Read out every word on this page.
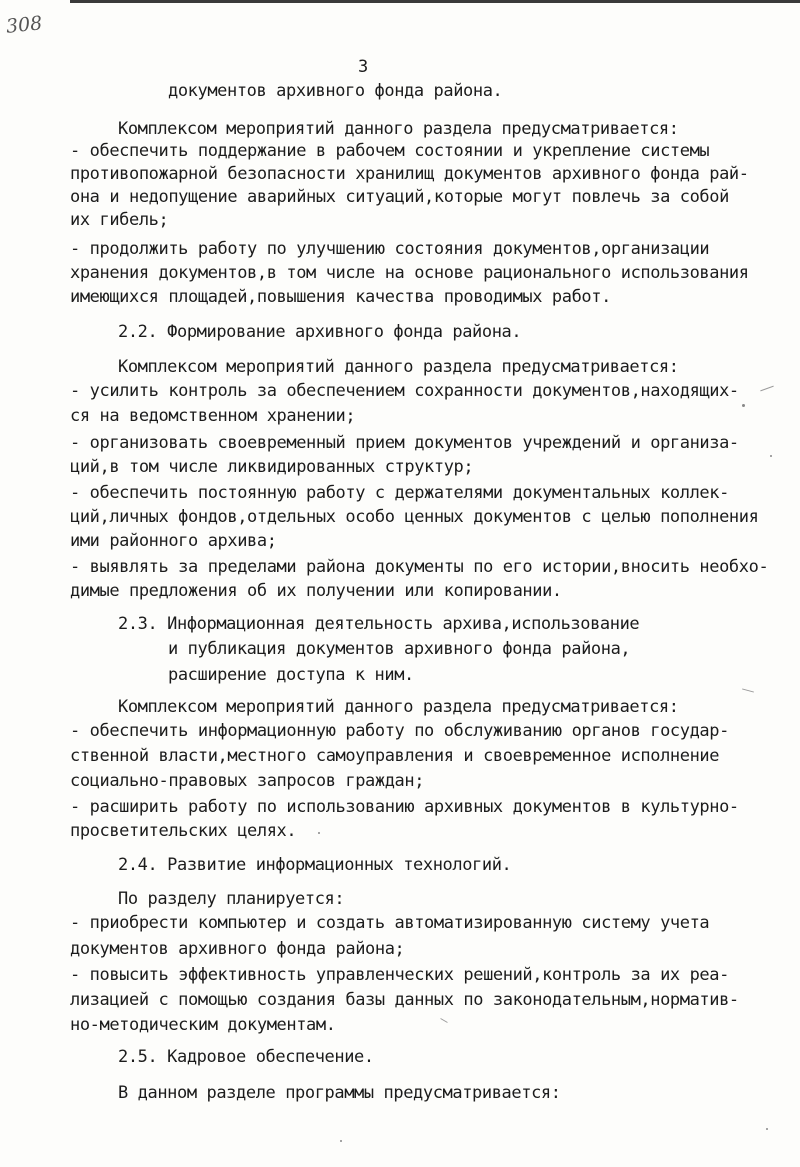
308
3
документов архивного фонда района.
Комплексом мероприятий данного раздела предусматривается:
- обеспечить поддержание в рабочем состоянии и укрепление системы
противопожарной безопасности хранилищ документов архивного фонда рай-
она и недопущение аварийных ситуаций,которые могут повлечь за собой
их гибель;
- продолжить работу по улучшению состояния документов,организации
хранения документов,в том числе на основе рационального использования
имеющихся площадей,повышения качества проводимых работ.
2.2. Формирование архивного фонда района.
Комплексом мероприятий данного раздела предусматривается:
- усилить контроль за обеспечением сохранности документов,находящих-
ся на ведомственном хранении;
- организовать своевременный прием документов учреждений и организа-
ций,в том числе ликвидированных структур;
- обеспечить постоянную работу с держателями документальных коллек-
ций,личных фондов,отдельных особо ценных документов с целью пополнения
ими районного архива;
- выявлять за пределами района документы по его истории,вносить необхо-
димые предложения об их получении или копировании.
2.3. Информационная деятельность архива,использование
и публикация документов архивного фонда района,
расширение доступа к ним.
Комплексом мероприятий данного раздела предусматривается:
- обеспечить информационную работу по обслуживанию органов государ-
ственной власти,местного самоуправления и своевременное исполнение
социально-правовых запросов граждан;
- расширить работу по использованию архивных документов в культурно-
просветительских целях.
2.4. Развитие информационных технологий.
По разделу планируется:
- приобрести компьютер и создать автоматизированную систему учета
документов архивного фонда района;
- повысить эффективность управленческих решений,контроль за их реа-
лизацией с помощью создания базы данных по законодательным,норматив-
но-методическим документам.
2.5. Кадровое обеспечение.
В данном разделе программы предусматривается:
